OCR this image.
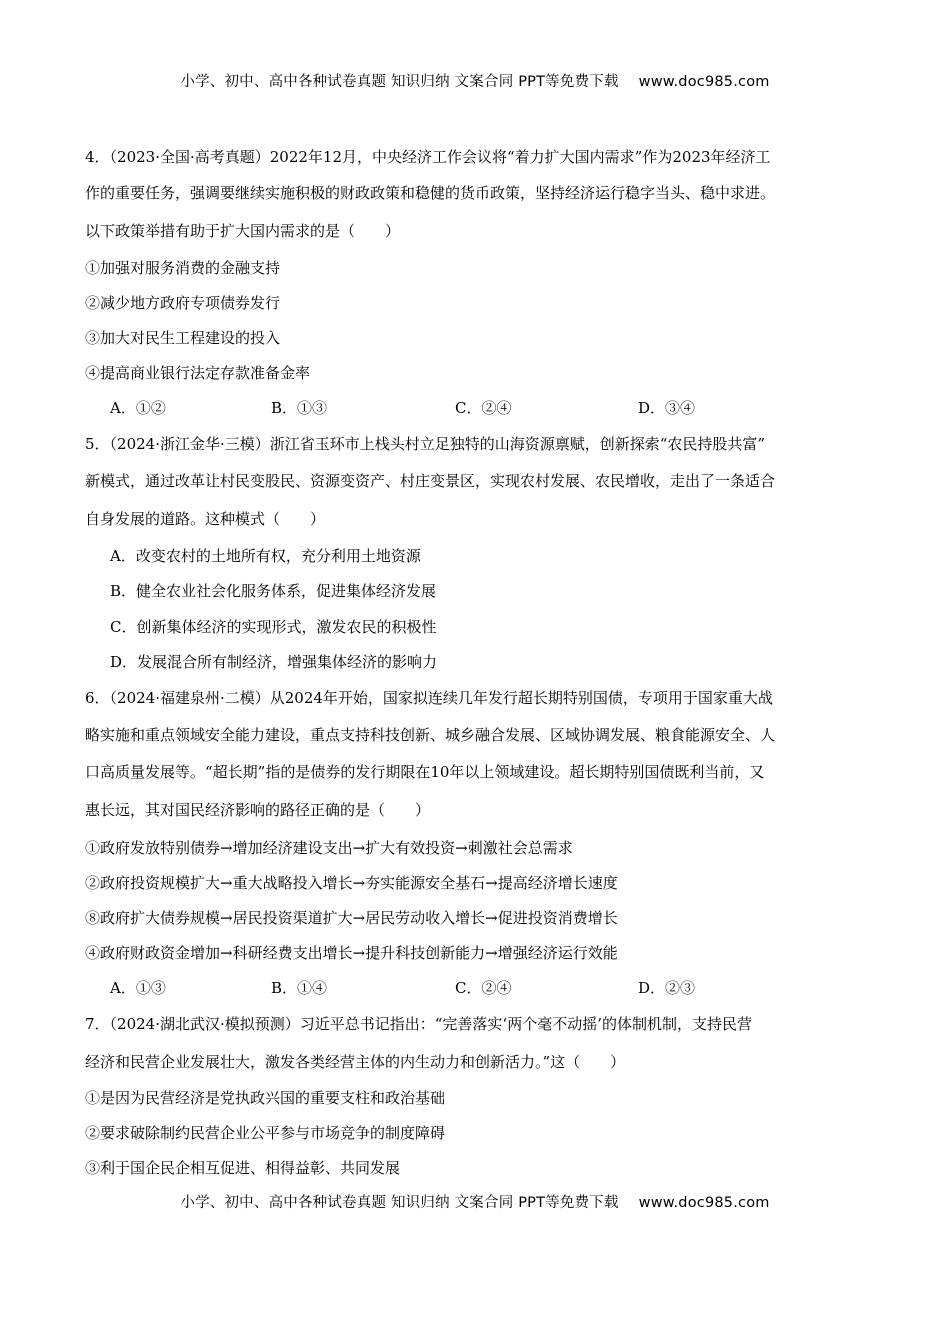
小学、初中、高中各种试卷真题 知识归纳 文案合同 PPT等免费下载 www.doc985.com
4．（2023·全国·高考真题）2022年12月，中央经济工作会议将“着力扩大国内需求”作为2023年经济工
作的重要任务，强调要继续实施积极的财政政策和稳健的货币政策，坚持经济运行稳字当头、稳中求进。
以下政策举措有助于扩大国内需求的是（　　）
①加强对服务消费的金融支持
②减少地方政府专项债券发行
③加大对民生工程建设的投入
④提高商业银行法定存款准备金率
A．①②	B．①③	C．②④	D．③④
5．（2024·浙江金华·三模）浙江省玉环市上栈头村立足独特的山海资源禀赋，创新探索“农民持股共富”
新模式，通过改革让村民变股民、资源变资产、村庄变景区，实现农村发展、农民增收，走出了一条适合
自身发展的道路。这种模式（　　）
A．改变农村的土地所有权，充分利用土地资源
B．健全农业社会化服务体系，促进集体经济发展
C．创新集体经济的实现形式，激发农民的积极性
D．发展混合所有制经济，增强集体经济的影响力
6．（2024·福建泉州·二模）从2024年开始，国家拟连续几年发行超长期特别国债，专项用于国家重大战
略实施和重点领域安全能力建设，重点支持科技创新、城乡融合发展、区域协调发展、粮食能源安全、人
口高质量发展等。“超长期”指的是债券的发行期限在10年以上领域建设。超长期特别国债既利当前，又
惠长远，其对国民经济影响的路径正确的是（　　）
①政府发放特别债券→增加经济建设支出→扩大有效投资→刺激社会总需求
②政府投资规模扩大→重大战略投入增长→夯实能源安全基石→提高经济增长速度
⑧政府扩大债券规模→居民投资渠道扩大→居民劳动收入增长→促进投资消费增长
④政府财政资金增加→科研经费支出增长→提升科技创新能力→增强经济运行效能
A．①③	B．①④	C．②④	D．②③
7．（2024·湖北武汉·模拟预测）习近平总书记指出：“完善落实‘两个毫不动摇’的体制机制，支持民营
经济和民营企业发展壮大，激发各类经营主体的内生动力和创新活力。”这（　　）
①是因为民营经济是党执政兴国的重要支柱和政治基础
②要求破除制约民营企业公平参与市场竞争的制度障碍
③利于国企民企相互促进、相得益彰、共同发展
小学、初中、高中各种试卷真题 知识归纳 文案合同 PPT等免费下载 www.doc985.com
